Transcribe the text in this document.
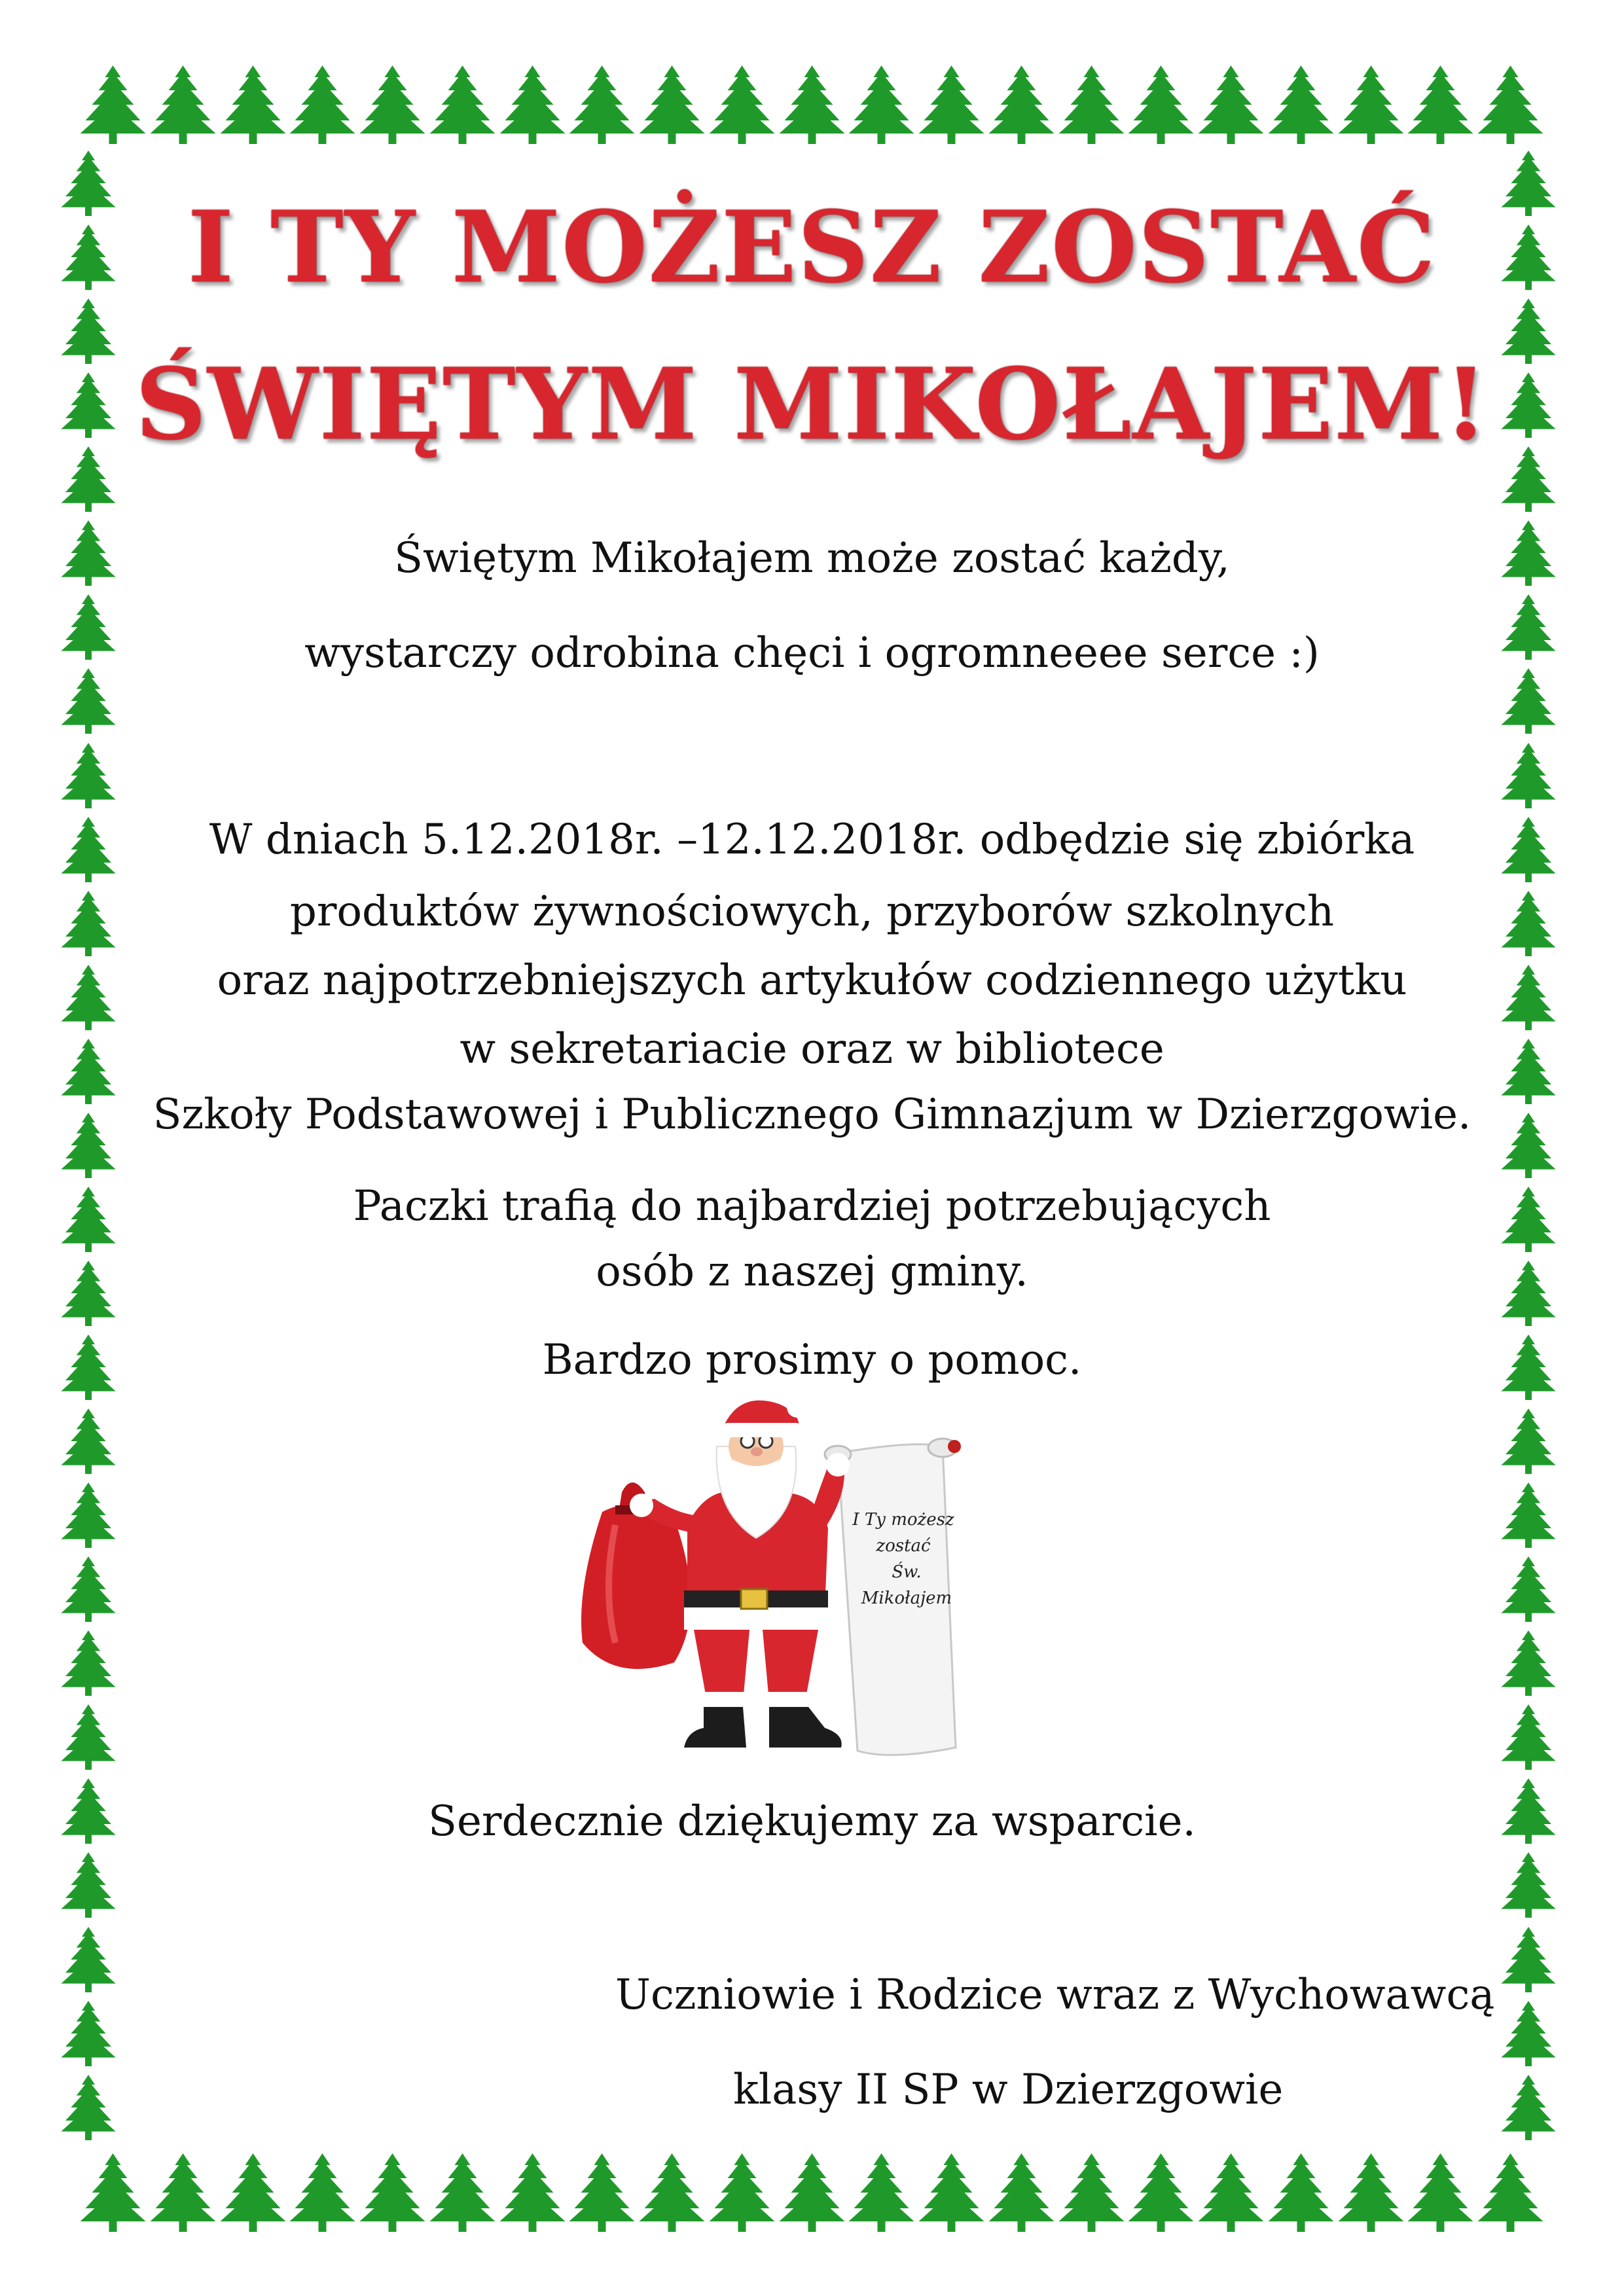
I TY MOŻESZ ZOSTAĆ
ŚWIĘTYM MIKOŁAJEM!
Świętym Mikołajem może zostać każdy,
wystarczy odrobina chęci i ogromneeee serce :)
W dniach 5.12.2018r. –12.12.2018r. odbędzie się zbiórka
produktów żywnościowych, przyborów szkolnych
oraz najpotrzebniejszych artykułów codziennego użytku
w sekretariacie oraz w bibliotece
Szkoły Podstawowej i Publicznego Gimnazjum w Dzierzgowie.
Paczki trafią do najbardziej potrzebujących
osób z naszej gminy.
Bardzo prosimy o pomoc.
I Ty możesz
zostać
Św.
Mikołajem
Serdecznie dziękujemy za wsparcie.
Uczniowie i Rodzice wraz z Wychowawcą
klasy II SP w Dzierzgowie
